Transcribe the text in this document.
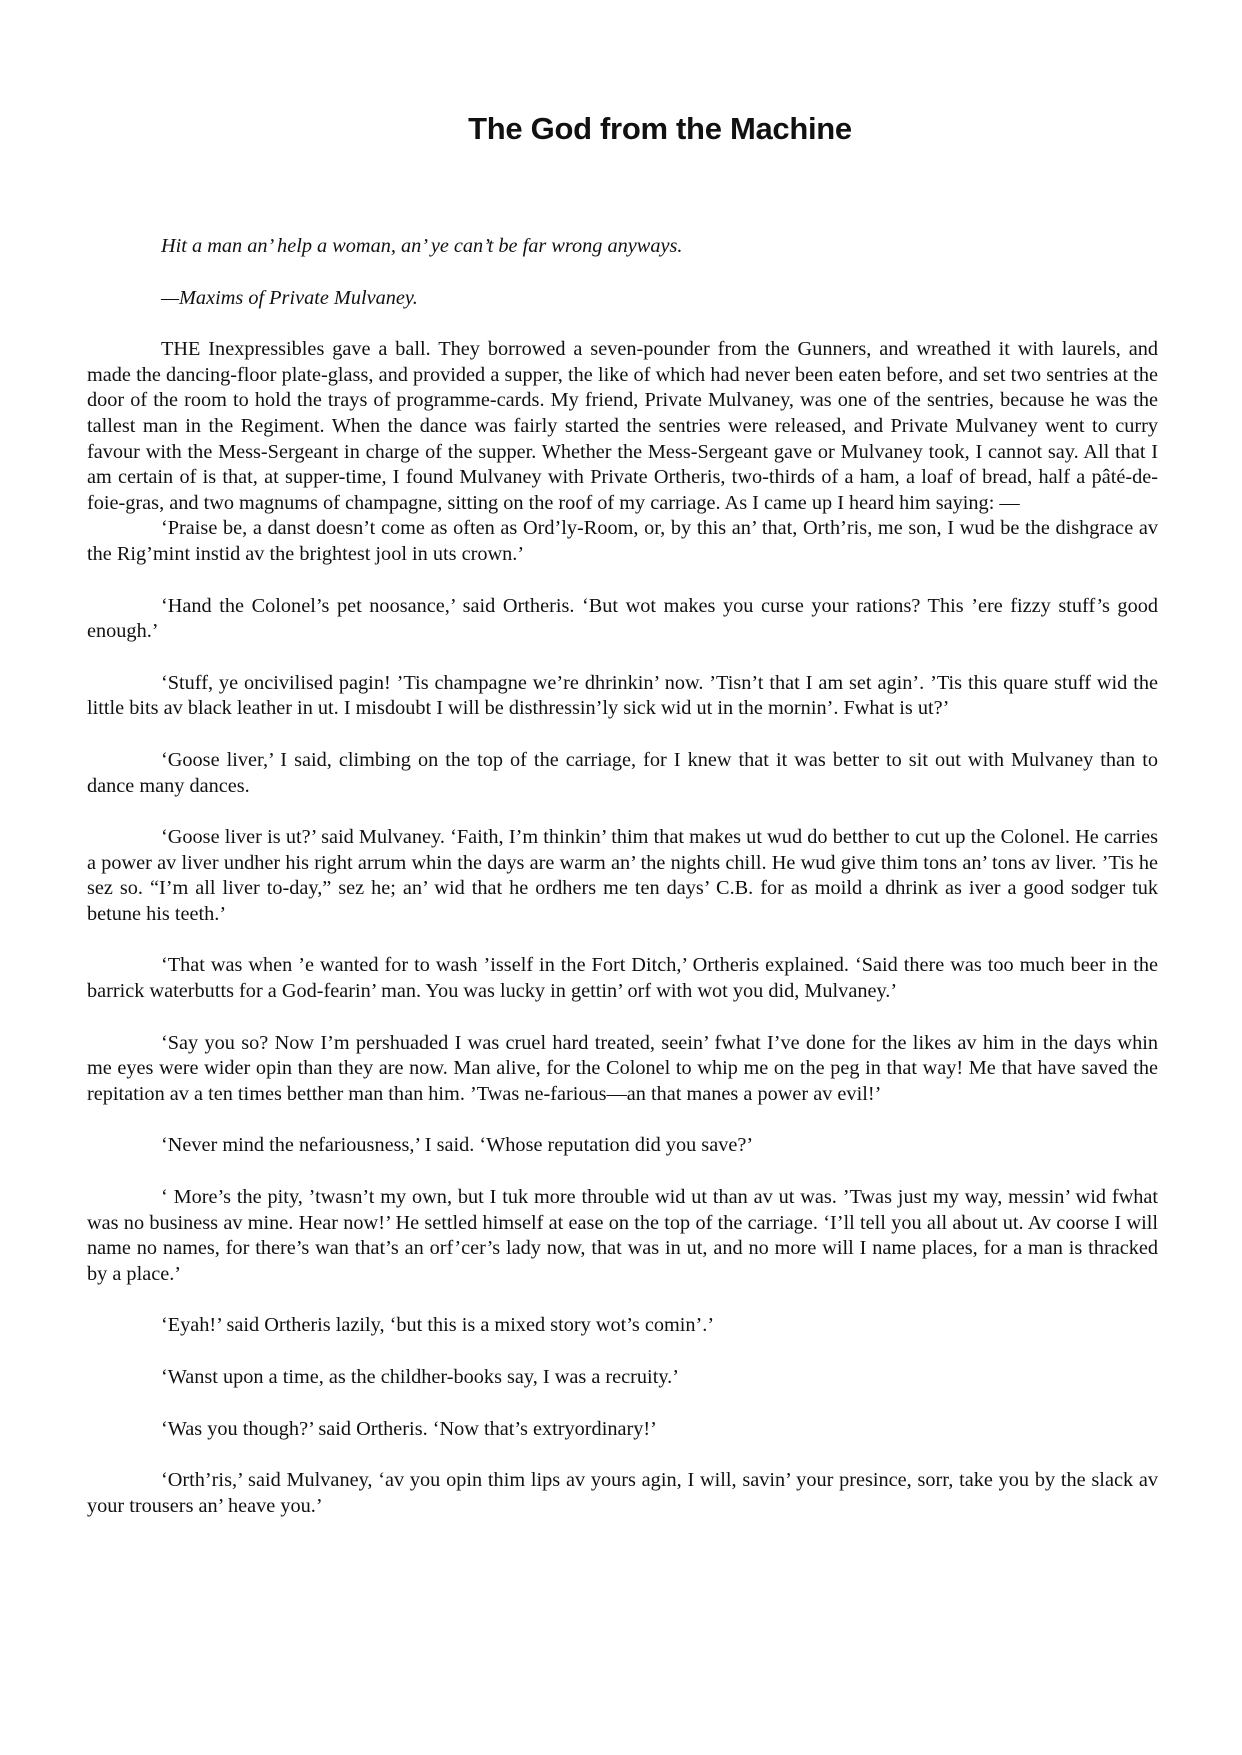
The God from the Machine

Hit a man an’ help a woman, an’ ye can’t be far wrong anyways.

—Maxims of Private Mulvaney.

THE Inexpressibles gave a ball. They borrowed a seven-pounder from the Gunners, and wreathed it with laurels, and made the dancing-floor plate-glass, and provided a supper, the like of which had never been eaten before, and set two sentries at the door of the room to hold the trays of programme-cards. My friend, Private Mulvaney, was one of the sentries, because he was the tallest man in the Regiment. When the dance was fairly started the sentries were released, and Private Mulvaney went to curry favour with the Mess-Sergeant in charge of the supper. Whether the Mess-Sergeant gave or Mulvaney took, I cannot say. All that I am certain of is that, at supper-time, I found Mulvaney with Private Ortheris, two-thirds of a ham, a loaf of bread, half a pâté-de-foie-gras, and two magnums of champagne, sitting on the roof of my carriage. As I came up I heard him saying: —

‘Praise be, a danst doesn’t come as often as Ord’ly-Room, or, by this an’ that, Orth’ris, me son, I wud be the dishgrace av the Rig’mint instid av the brightest jool in uts crown.’

‘Hand the Colonel’s pet noosance,’ said Ortheris. ‘But wot makes you curse your rations? This ’ere fizzy stuff’s good enough.’

‘Stuff, ye oncivilised pagin! ’Tis champagne we’re dhrinkin’ now. ’Tisn’t that I am set agin’. ’Tis this quare stuff wid the little bits av black leather in ut. I misdoubt I will be disthressin’ly sick wid ut in the mornin’. Fwhat is ut?’

‘Goose liver,’ I said, climbing on the top of the carriage, for I knew that it was better to sit out with Mulvaney than to dance many dances.

‘Goose liver is ut?’ said Mulvaney. ‘Faith, I’m thinkin’ thim that makes ut wud do betther to cut up the Colonel. He carries a power av liver undher his right arrum whin the days are warm an’ the nights chill. He wud give thim tons an’ tons av liver. ’Tis he sez so. “I’m all liver to-day,” sez he; an’ wid that he ordhers me ten days’ C.B. for as moild a dhrink as iver a good sodger tuk betune his teeth.’

‘That was when ’e wanted for to wash ’isself in the Fort Ditch,’ Ortheris explained. ‘Said there was too much beer in the barrick waterbutts for a God-fearin’ man. You was lucky in gettin’ orf with wot you did, Mulvaney.’

‘Say you so? Now I’m pershuaded I was cruel hard treated, seein’ fwhat I’ve done for the likes av him in the days whin me eyes were wider opin than they are now. Man alive, for the Colonel to whip me on the peg in that way! Me that have saved the repitation av a ten times betther man than him. ’Twas ne-farious—an that manes a power av evil!’

‘Never mind the nefariousness,’ I said. ‘Whose reputation did you save?’

‘ More’s the pity, ’twasn’t my own, but I tuk more throuble wid ut than av ut was. ’Twas just my way, messin’ wid fwhat was no business av mine. Hear now!’ He settled himself at ease on the top of the carriage. ‘I’ll tell you all about ut. Av coorse I will name no names, for there’s wan that’s an orf’cer’s lady now, that was in ut, and no more will I name places, for a man is thracked by a place.’

‘Eyah!’ said Ortheris lazily, ‘but this is a mixed story wot’s comin’.’

‘Wanst upon a time, as the childher-books say, I was a recruity.’

‘Was you though?’ said Ortheris. ‘Now that’s extryordinary!’

‘Orth’ris,’ said Mulvaney, ‘av you opin thim lips av yours agin, I will, savin’ your presince, sorr, take you by the slack av your trousers an’ heave you.’
